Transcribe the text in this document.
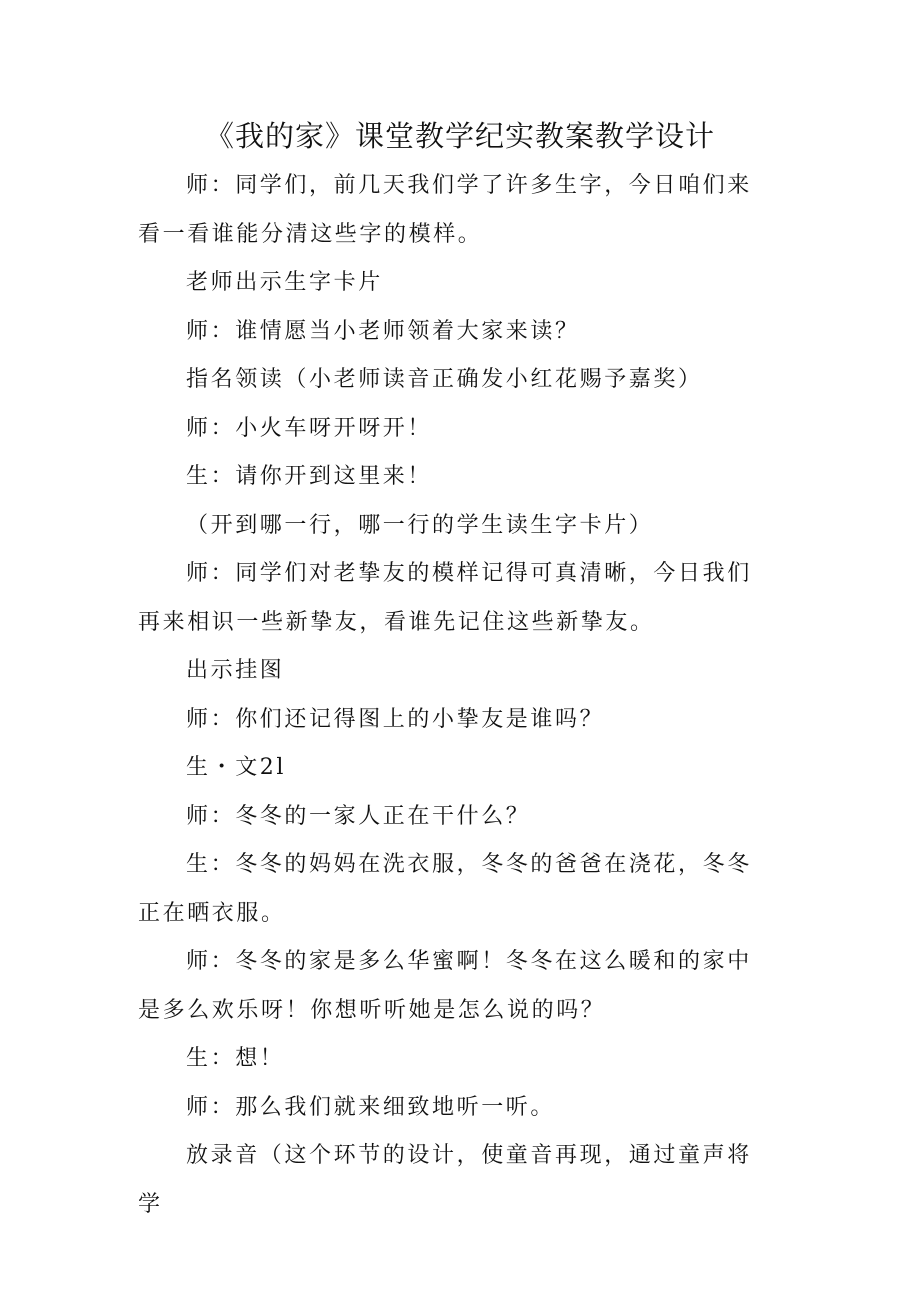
《我的家》课堂教学纪实教案教学设计

师：同学们，前几天我们学了许多生字，今日咱们来看一看谁能分清这些字的模样。

老师出示生字卡片

师：谁情愿当小老师领着大家来读？

指名领读（小老师读音正确发小红花赐予嘉奖）

师：小火车呀开呀开！

生：请你开到这里来！

（开到哪一行，哪一行的学生读生字卡片）

师：同学们对老挚友的模样记得可真清晰，今日我们再来相识一些新挚友，看谁先记住这些新挚友。

出示挂图

师：你们还记得图上的小挚友是谁吗？

生・文2l

师：冬冬的一家人正在干什么？

生：冬冬的妈妈在洗衣服，冬冬的爸爸在浇花，冬冬正在晒衣服。

师：冬冬的家是多么华蜜啊！冬冬在这么暖和的家中是多么欢乐呀！你想听听她是怎么说的吗？

生：想！

师：那么我们就来细致地听一听。

放录音（这个环节的设计，使童音再现，通过童声将学
